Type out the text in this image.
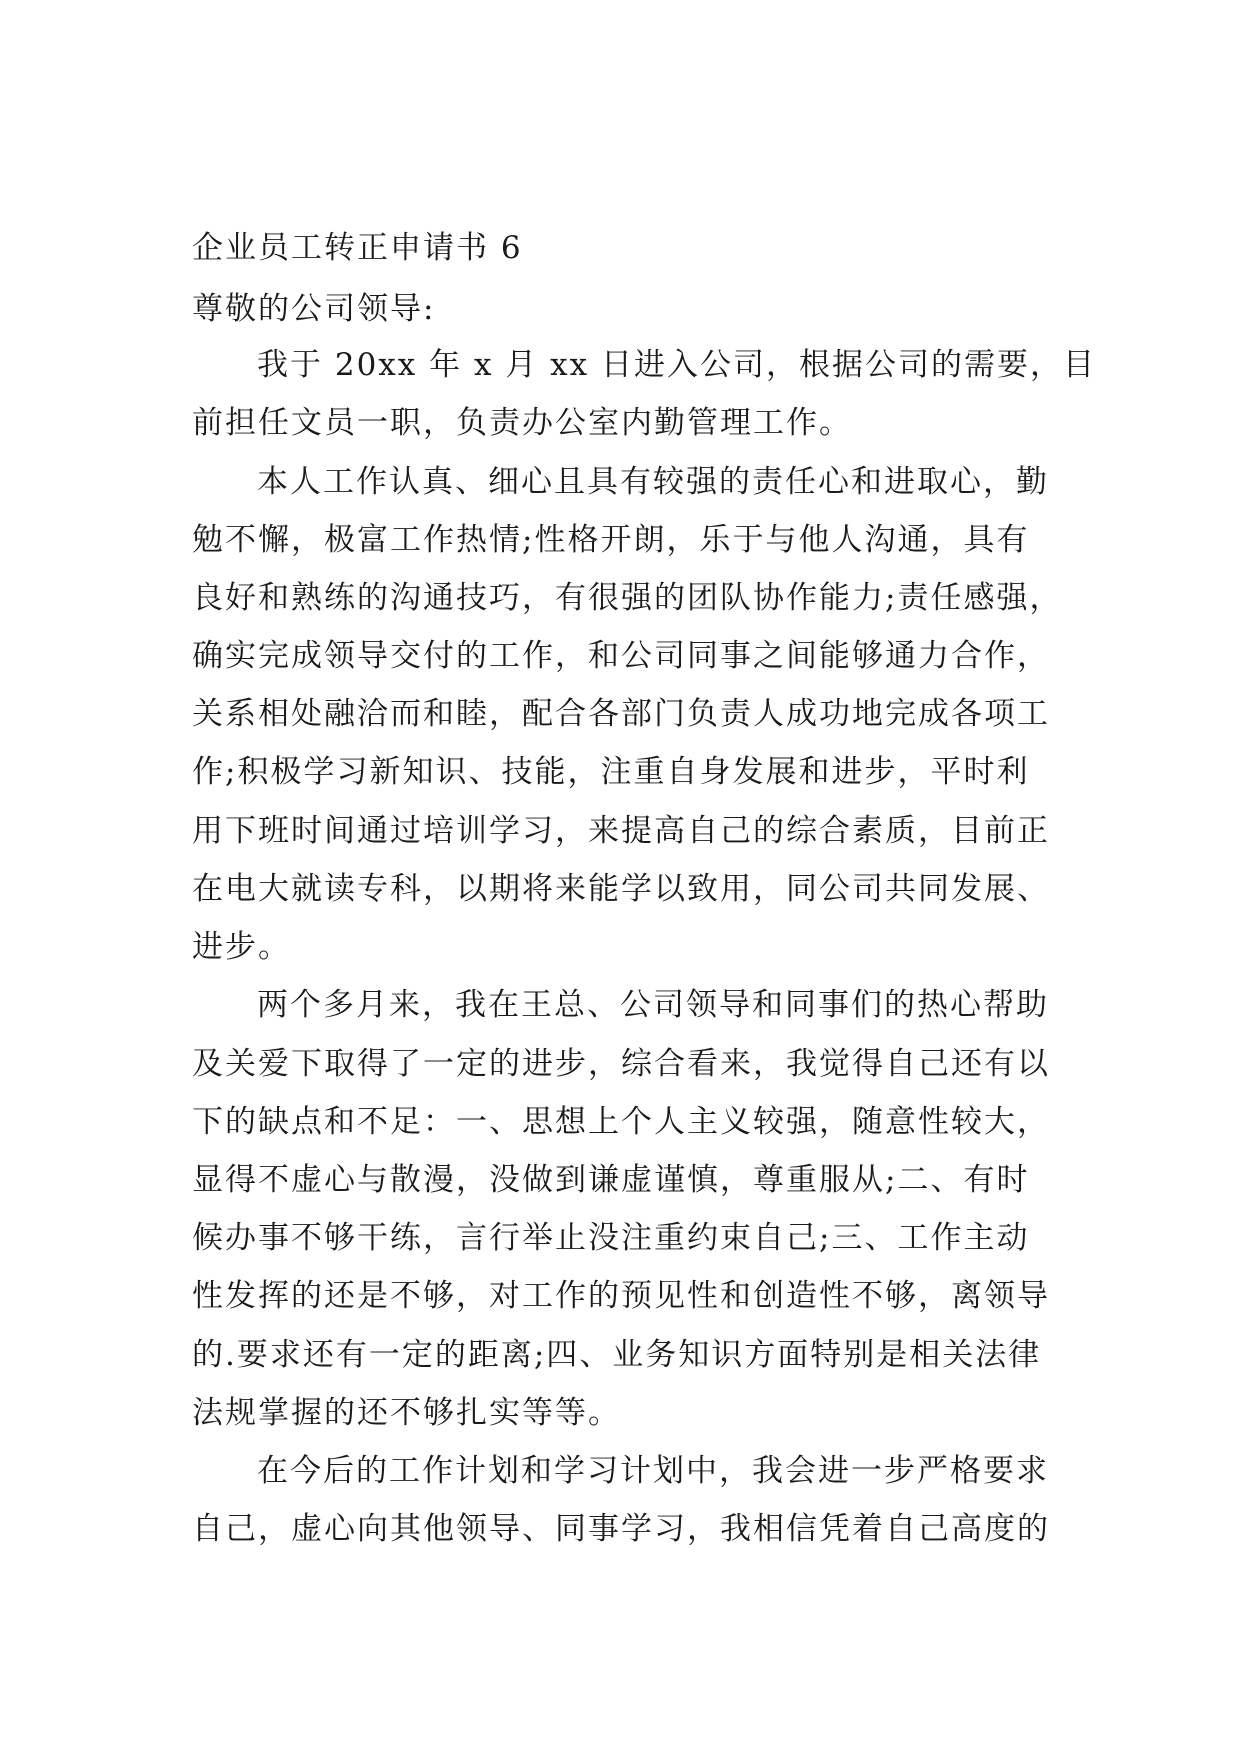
企业员工转正申请书 6
尊敬的公司领导:
我于 20xx 年 x 月 xx 日进入公司，根据公司的需要，目
前担任文员一职，负责办公室内勤管理工作。
本人工作认真、细心且具有较强的责任心和进取心，勤
勉不懈，极富工作热情;性格开朗，乐于与他人沟通，具有
良好和熟练的沟通技巧，有很强的团队协作能力;责任感强，
确实完成领导交付的工作，和公司同事之间能够通力合作，
关系相处融洽而和睦，配合各部门负责人成功地完成各项工
作;积极学习新知识、技能，注重自身发展和进步，平时利
用下班时间通过培训学习，来提高自己的综合素质，目前正
在电大就读专科，以期将来能学以致用，同公司共同发展、
进步。
两个多月来，我在王总、公司领导和同事们的热心帮助
及关爱下取得了一定的进步，综合看来，我觉得自己还有以
下的缺点和不足：一、思想上个人主义较强，随意性较大，
显得不虚心与散漫，没做到谦虚谨慎，尊重服从;二、有时
候办事不够干练，言行举止没注重约束自己;三、工作主动
性发挥的还是不够，对工作的预见性和创造性不够，离领导
的.要求还有一定的距离;四、业务知识方面特别是相关法律
法规掌握的还不够扎实等等。
在今后的工作计划和学习计划中，我会进一步严格要求
自己，虚心向其他领导、同事学习，我相信凭着自己高度的
